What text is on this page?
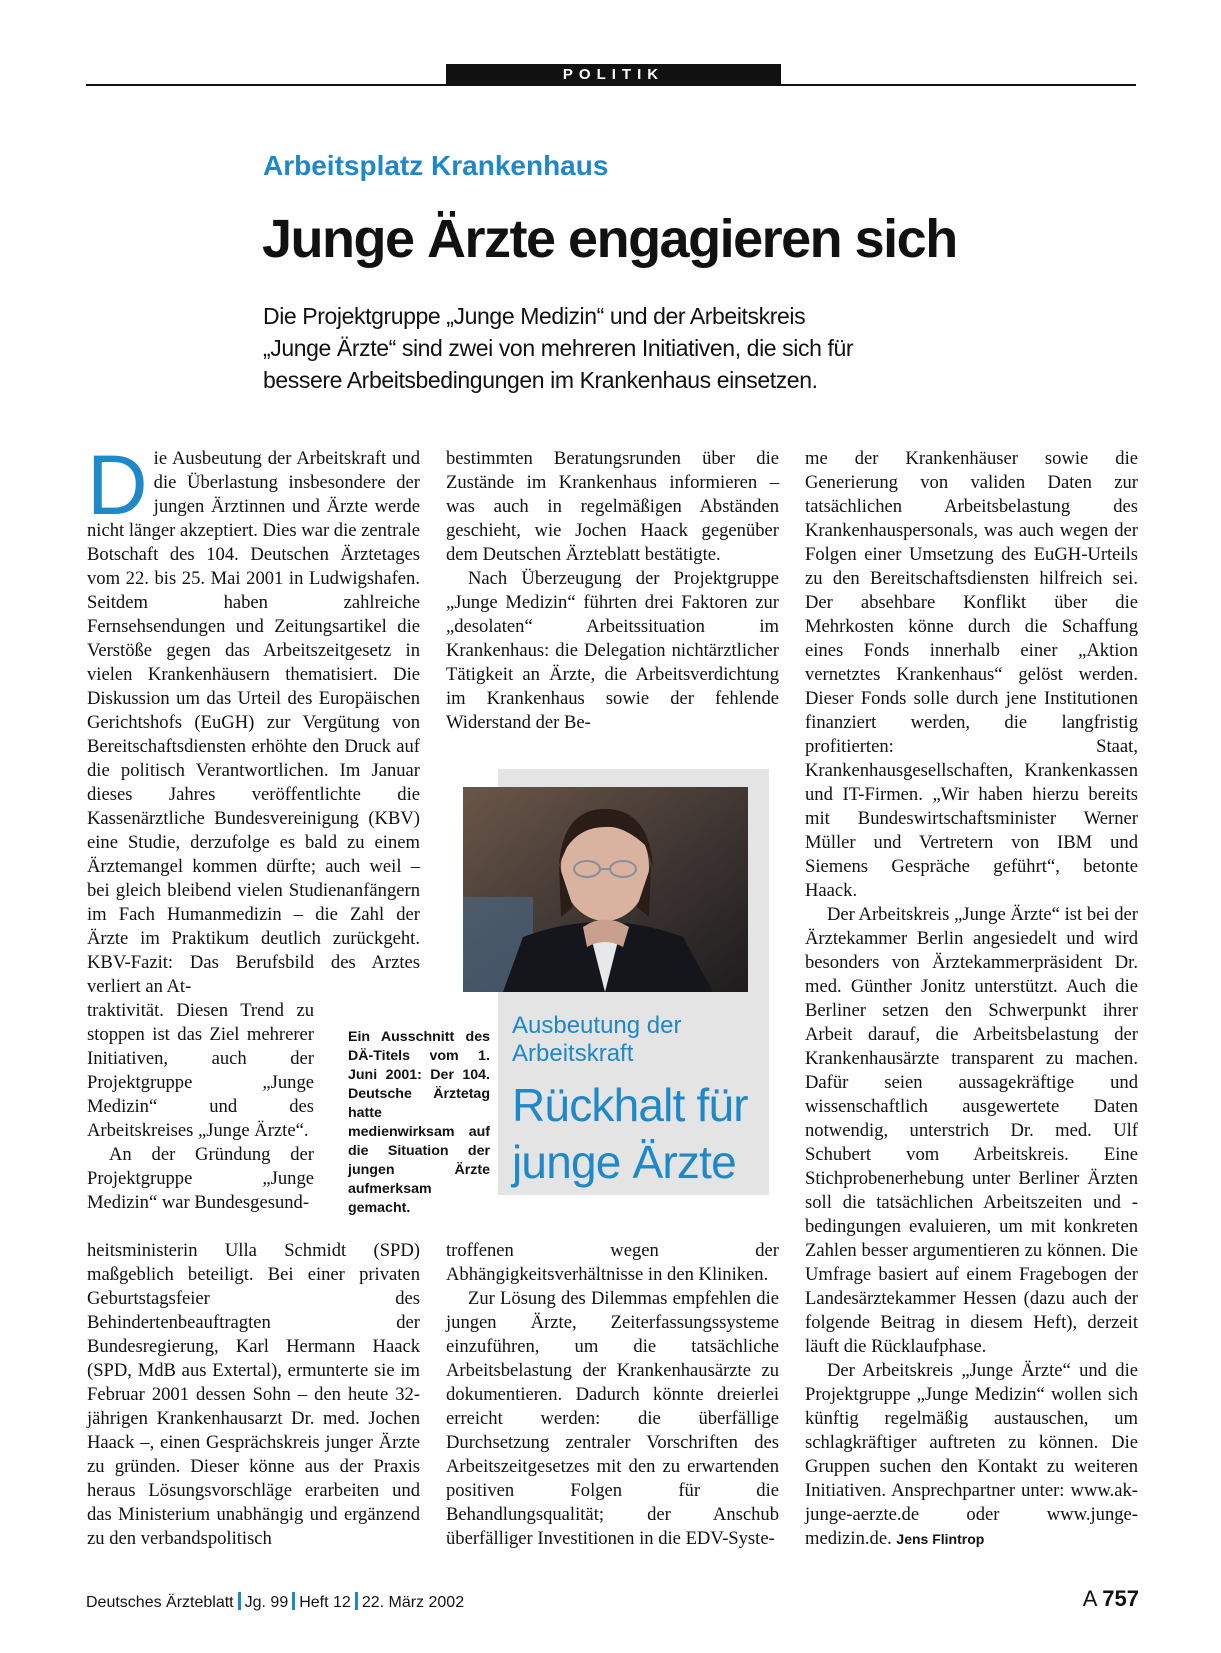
POLITIK
Arbeitsplatz Krankenhaus
Junge Ärzte engagieren sich
Die Projektgruppe „Junge Medizin“ und der Arbeitskreis
„Junge Ärzte“ sind zwei von mehreren Initiativen, die sich für
bessere Arbeitsbedingungen im Krankenhaus einsetzen.

Die Ausbeutung der Arbeitskraft und die Überlastung insbesondere der jungen Ärztinnen und Ärzte werde nicht länger akzeptiert. Dies war die zentrale Botschaft des 104. Deutschen Ärztetages vom 22. bis 25. Mai 2001 in Ludwigshafen. Seitdem haben zahlreiche Fernsehsendungen und Zeitungsartikel die Verstöße gegen das Arbeitszeitgesetz in vielen Krankenhäusern thematisiert. Die Diskussion um das Urteil des Europäischen Gerichtshofs (EuGH) zur Vergütung von Bereitschaftsdiensten erhöhte den Druck auf die politisch Verantwortlichen. Im Januar dieses Jahres veröffentlichte die Kassenärztliche Bundesvereinigung (KBV) eine Studie, derzufolge es bald zu einem Ärztemangel kommen dürfte; auch weil – bei gleich bleibend vielen Studienanfängern im Fach Humanmedizin – die Zahl der Ärzte im Praktikum deutlich zurückgeht. KBV-Fazit: Das Berufsbild des Arztes verliert an At-

traktivität. Diesen Trend zu stoppen ist das Ziel mehrerer Initiativen, auch der Projektgruppe „Junge Medizin“ und des Arbeitskreises „Junge Ärzte“.

An der Gründung der Projektgruppe „Junge Medizin“ war Bundesgesund-

heitsministerin Ulla Schmidt (SPD) maßgeblich beteiligt. Bei einer privaten Geburtstagsfeier des Behindertenbeauftragten der Bundesregierung, Karl Hermann Haack (SPD, MdB aus Extertal), ermunterte sie im Februar 2001 dessen Sohn – den heute 32-jährigen Krankenhausarzt Dr. med. Jochen Haack –, einen Gesprächskreis junger Ärzte zu gründen. Dieser könne aus der Praxis heraus Lösungsvorschläge erarbeiten und das Ministerium unabhängig und ergänzend zu den verbandspolitisch

bestimmten Beratungsrunden über die Zustände im Krankenhaus informieren – was auch in regelmäßigen Abständen geschieht, wie Jochen Haack gegenüber dem Deutschen Ärzteblatt bestätigte.

Nach Überzeugung der Projektgruppe „Junge Medizin“ führten drei Faktoren zur „desolaten“ Arbeitssituation im Krankenhaus: die Delegation nichtärztlicher Tätigkeit an Ärzte, die Arbeitsverdichtung im Krankenhaus sowie der fehlende Widerstand der Be-

troffenen wegen der Abhängigkeitsverhältnisse in den Kliniken.

Zur Lösung des Dilemmas empfehlen die jungen Ärzte, Zeiterfassungssysteme einzuführen, um die tatsächliche Arbeitsbelastung der Krankenhausärzte zu dokumentieren. Dadurch könnte dreierlei erreicht werden: die überfällige Durchsetzung zentraler Vorschriften des Arbeitszeitgesetzes mit den zu erwartenden positiven Folgen für die Behandlungsqualität; der Anschub überfälliger Investitionen in die EDV-Syste-

me der Krankenhäuser sowie die Generierung von validen Daten zur tatsächlichen Arbeitsbelastung des Krankenhauspersonals, was auch wegen der Folgen einer Umsetzung des EuGH-Urteils zu den Bereitschaftsdiensten hilfreich sei. Der absehbare Konflikt über die Mehrkosten könne durch die Schaffung eines Fonds innerhalb einer „Aktion vernetztes Krankenhaus“ gelöst werden. Dieser Fonds solle durch jene Institutionen finanziert werden, die langfristig profitierten: Staat, Krankenhausgesellschaften, Krankenkassen und IT-Firmen. „Wir haben hierzu bereits mit Bundeswirtschaftsminister Werner Müller und Vertretern von IBM und Siemens Gespräche geführt“, betonte Haack.

Der Arbeitskreis „Junge Ärzte“ ist bei der Ärztekammer Berlin angesiedelt und wird besonders von Ärztekammerpräsident Dr. med. Günther Jonitz unterstützt. Auch die Berliner setzen den Schwerpunkt ihrer Arbeit darauf, die Arbeitsbelastung der Krankenhausärzte transparent zu machen. Dafür seien aussagekräftige und wissenschaftlich ausgewertete Daten notwendig, unterstrich Dr. med. Ulf Schubert vom Arbeitskreis. Eine Stichprobenerhebung unter Berliner Ärzten soll die tatsächlichen Arbeitszeiten und -bedingungen evaluieren, um mit konkreten Zahlen besser argumentieren zu können. Die Umfrage basiert auf einem Fragebogen der Landesärztekammer Hessen (dazu auch der folgende Beitrag in diesem Heft), derzeit läuft die Rücklaufphase.

Der Arbeitskreis „Junge Ärzte“ und die Projektgruppe „Junge Medizin“ wollen sich künftig regelmäßig austauschen, um schlagkräftiger auftreten zu können. Die Gruppen suchen den Kontakt zu weiteren Initiativen. Ansprechpartner unter: www.ak-junge-aerzte.de oder www.junge-medizin.de. Jens Flintrop

Ein Ausschnitt des DÄ-Titels vom 1. Juni 2001: Der 104. Deutsche Ärztetag hatte medienwirksam auf die Situation der jungen Ärzte aufmerksam gemacht.
Ausbeutung der Arbeitskraft
Rückhalt für junge Ärzte
Deutsches Ärzteblatt Jg. 99 Heft 12 22. März 2002	A 757
